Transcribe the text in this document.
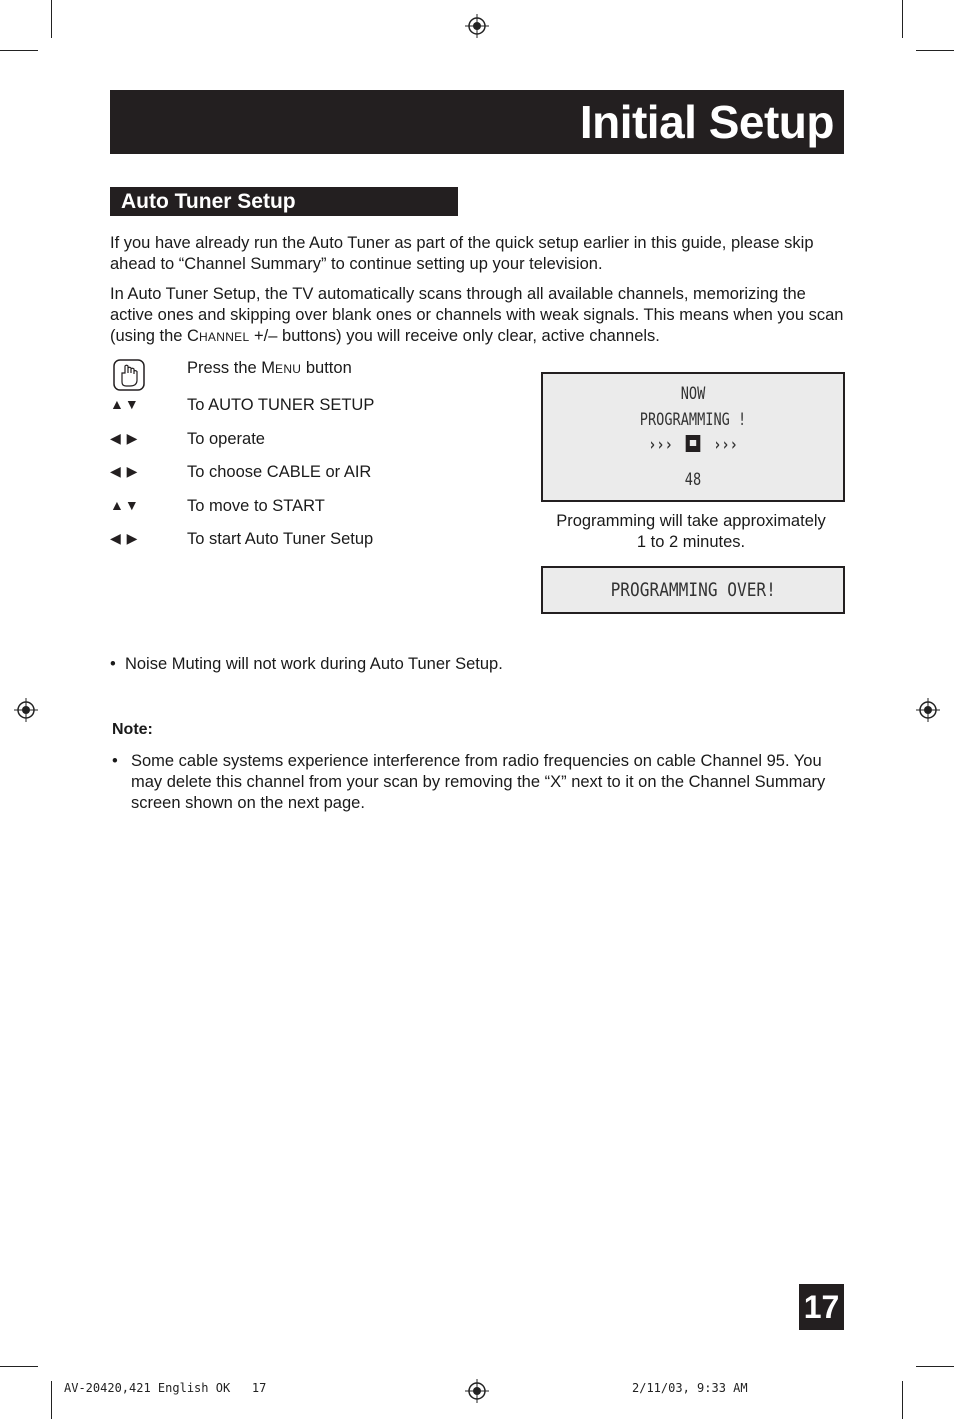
Initial Setup
Auto Tuner Setup
If you have already run the Auto Tuner as part of the quick setup earlier in this guide, please skip ahead to “Channel Summary” to continue setting up your television.
In Auto Tuner Setup, the TV automatically scans through all available channels, memorizing the active ones and skipping over blank ones or channels with weak signals. This means when you scan (using the CHANNEL +/– buttons) you will receive only clear, active channels.
Press the MENU button
▲▼	To AUTO TUNER SETUP
◀ ▶	To operate
◀ ▶	To choose CABLE or AIR
▲▼	To move to START
◀ ▶	To start Auto Tuner Setup
NOW
PROGRAMMING !
››› ›››
48
Programming will take approximately
1 to 2 minutes.
PROGRAMMING OVER!
•  Noise Muting will not work during Auto Tuner Setup.
Note:
• Some cable systems experience interference from radio frequencies on cable Channel 95. You may delete this channel from your scan by removing the “X” next to it on the Channel Summary screen shown on the next page.
17
AV-20420,421 English OK   17	2/11/03, 9:33 AM
